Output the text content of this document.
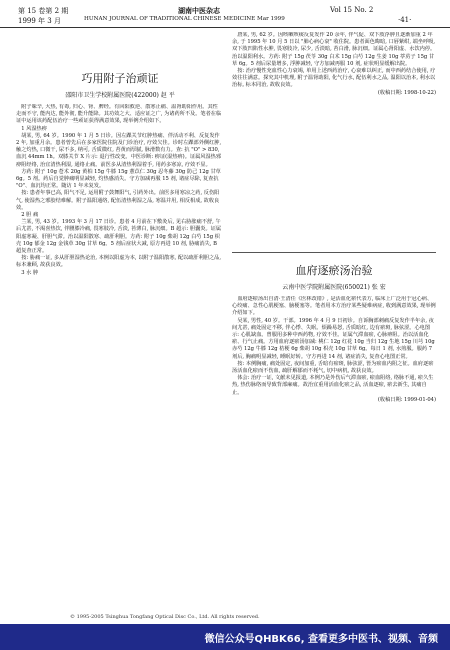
第 15 卷第 2 期	湖南中医杂志	Vol 15 No. 2
1999 年 3 月	HUNAN JOURNAL OF TRADITIONAL CHINESE MEDICINE Mar 1999	·41·
巧用附子治顽证
邵阳市卫生学校附属医院(422000) 赵 平

附子味辛, 大热, 有毒, 归心、肾、脾经。有回阳救逆、散寒止痛、温肾助阳作用。其性走而不守, 能内达, 能外彻, 能升能降。其功效之大、适应证之广, 为诸药所不及。笔者在临证中运用该药配伍治疗一些顽证获得满意效果, 现举例介绍如下。

1 风湿热痹

胡某, 男, 64 岁。1990 年 1 月 5 日诊。因左踝关节红肿热痛、伴活动不利、反复发作 2 年, 加重月余。患者曾先后在多家医院住院及门诊治疗, 疗效欠佳。诊时左踝部外侧红肿, 触之灼热, 口微干, 尿不多, 纳可, 舌质微红, 苔黄而厚腻, 脉滑数有力。查: 抗 "O" > 830, 血沉 44mm 1h。双膝关节 X 片示: 退行性改变。中医诊断: 痹证(湿热痹)。证属风湿热邪痹阻经络, 治宜清热利湿, 通络止痛。前医多从清热利湿着手, 用药多寒凉, 疗效不显。

方药: 附子 10g 苍术 20g 黄柏 15g 牛膝 15g 薏苡仁 30g 忍冬藤 30g 防己 12g 甘草 6g。5 剂。药后自觉肿痛明显减轻, 灼热感消失。守方加减再服 15 剂, 诸症尽除, 复查抗 "O"、血沉均正常。随访 1 年未复发。

按: 患者年事已高, 阳气不足, 运用附子鼓舞阳气, 引药外出。前医多用寒凉之药, 反伤阳气, 使湿热之邪胶结难解。附子温阳通络, 配伍清热利湿之品, 寒温并用, 相反相成, 故收良效。

2 胆 痛

兰某, 男, 43 岁。1993 年 3 月 17 日诊。患者 4 月前在下敷灸后, 见右胁胀痛不舒, 午后尤甚, 不渴喜热饮, 伴腰膝冷痛, 畏寒肢冷, 舌淡, 苔薄白, 脉沉细。B 超示: 胆囊炎。证属阳虚寒凝、肝胆气滞。治以温阳散寒、疏肝利胆。方药: 附子 10g 柴胡 12g 白芍 15g 枳壳 10g 郁金 12g 金钱草 30g 甘草 6g。5 剂后症状大减, 原方再进 10 剂, 胁痛消失, B 超复查正常。

按: 胁痛一证, 多从肝胆湿热论治, 本例以阳虚为本, 以附子温阳散寒, 配以疏肝利胆之品, 标本兼顾, 故获良效。

3 水 肿

唐某, 男, 62 岁。因咳嗽咳痰反复发作 20 余年, 伴气促、双下肢浮肿且逐渐加重 2 年余, 于 1995 年 10 月 5 日以 "肺心病心衰" 收住院。患者面色晦暗, 口唇紫绀, 端坐呼吸, 双下肢凹陷性水肿, 畏寒肢冷, 尿少, 舌淡暗, 苔白滑, 脉沉细。证属心肾阳虚、水饮内停。治以温阳利水。方药: 附子 15g 茯苓 30g 白术 15g 白芍 12g 生姜 10g 葶苈子 15g 甘草 6g。5 剂后尿量增多, 浮肿减轻, 守方加减再服 10 剂, 症状明显缓解出院。

按: 治疗慢性充血性心力衰竭, 单用上述西药治疗, 心衰难以纠正, 而中西药结合使用, 疗效往往满意。探究其中机理, 附子温肾助阳, 化气行水, 配伍利水之品, 温阳以治本, 利水以治标, 标本同治, 故收良效。

(收稿日期: 1998-10-22)

血府逐瘀汤治验
云南中医学院附属医院(650021) 张 宏

血府逐瘀汤出自清·王清任《医林改错》, 是活血化瘀代表方, 临床上广泛用于冠心病、心绞痛、急性心肌梗塞、脑梗塞等。笔者用本方治疗某些疑难病症, 收到满意效果, 现举例介绍如下。

吴某, 男性, 40 岁。干部。1996 年 4 月 9 日初诊。自诉胸部刺痛反复发作半年余, 夜间尤甚, 痛处固定不移, 伴心悸、失眠、烦躁易怒, 舌质暗红, 边有瘀斑, 脉弦涩。心电图示: 心肌缺血。曾服用多种中西药物, 疗效不佳。证属气滞血瘀, 心脉痹阻。治以活血化瘀、行气止痛。方用血府逐瘀汤加减: 桃仁 12g 红花 10g 当归 12g 生地 15g 川芎 10g 赤芍 12g 牛膝 12g 桔梗 6g 柴胡 10g 枳壳 10g 甘草 6g。每日 1 剂, 水煎服。服药 7 剂后, 胸痛明显减轻, 睡眠好转。守方再进 14 剂, 诸症消失, 复查心电图正常。

按: 本例胸痛, 痛处固定, 夜间加重, 舌暗有瘀斑, 脉弦涩, 皆为瘀血内阻之征。血府逐瘀汤活血化瘀而不伤血, 疏肝解郁而不耗气, 切中病机, 故获良效。

体会: 治疗一证, 文献未见报道, 本例乃是外伤后气滞血瘀, 瘀血阻络, 络脉不通, 瘀久生热, 热伤脉络而导致背部麻痛。故治宜重用活血化瘀之品, 活血逐瘀, 瘀去新生, 其痛自止。

(收稿日期: 1999-01-04)

© 1995-2005 Tsinghua Tongfang Optical Disc Co., Ltd. All rights reserved.
微信公众号QHBK66, 查看更多中医书、视频、音频
